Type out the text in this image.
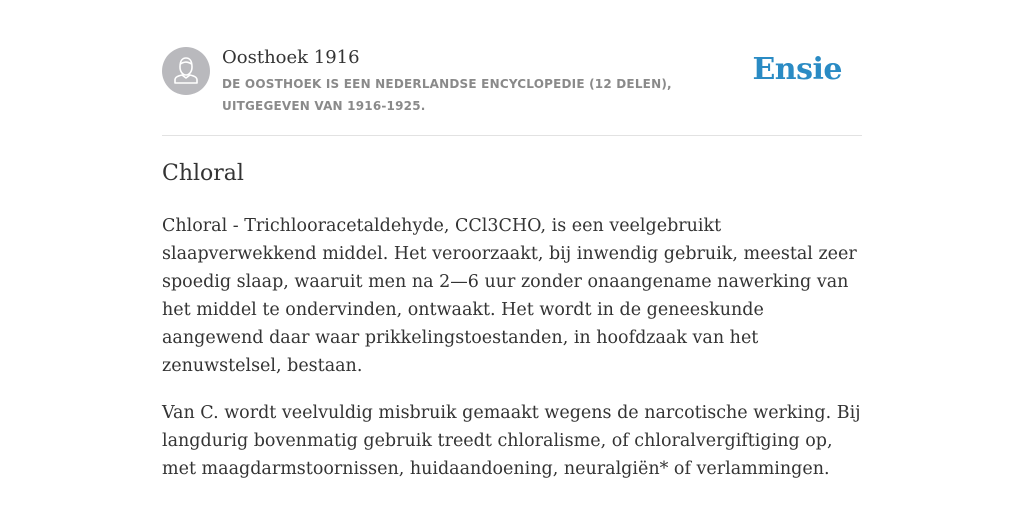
Oosthoek 1916
DE OOSTHOEK IS EEN NEDERLANDSE ENCYCLOPEDIE (12 DELEN), UITGEGEVEN VAN 1916-1925.
Ensie
Chloral

Chloral - Trichlooracetaldehyde, CCl3CHO, is een veelgebruikt slaapverwekkend middel. Het veroorzaakt, bij inwendig gebruik, meestal zeer spoedig slaap, waaruit men na 2—6 uur zonder onaangename nawerking van het middel te ondervinden, ontwaakt. Het wordt in de geneeskunde aangewend daar waar prikkelingstoestanden, in hoofdzaak van het zenuwstelsel, bestaan.

Van C. wordt veelvuldig misbruik gemaakt wegens de narcotische werking. Bij langdurig bovenmatig gebruik treedt chloralisme, of chloralvergiftiging op, met maagdarmstoornissen, huidaandoening, neuralgiën* of verlammingen.
